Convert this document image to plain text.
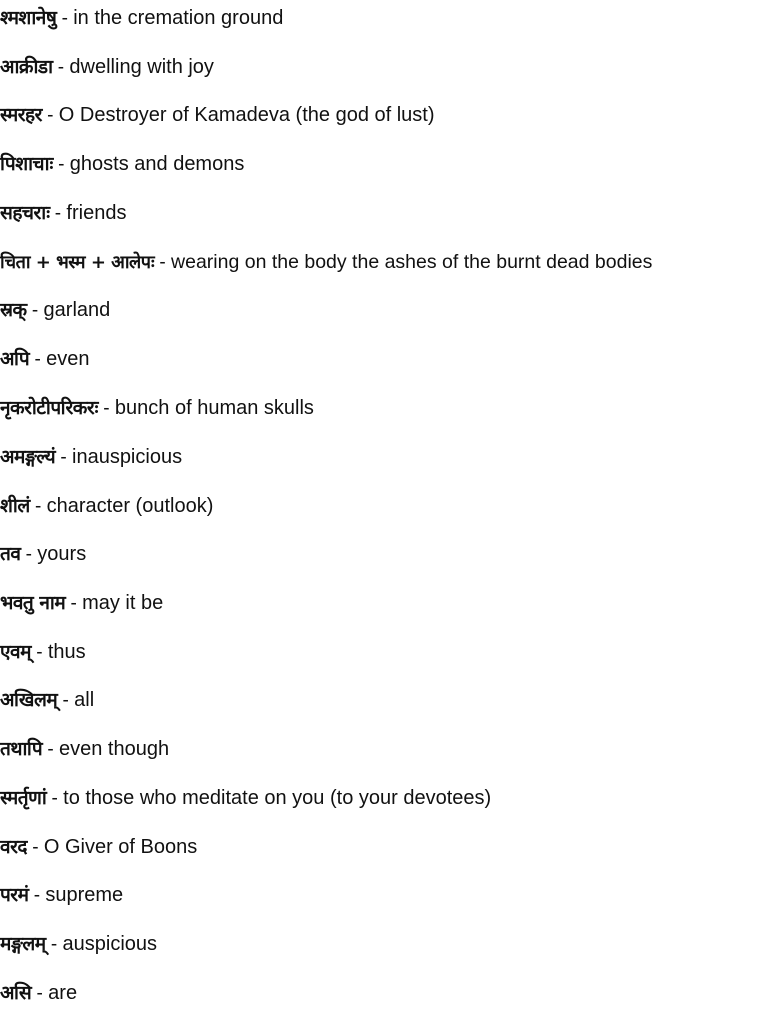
श्मशानेषु - in the cremation ground
आक्रीडा - dwelling with joy
स्मरहर - O Destroyer of Kamadeva (the god of lust)
पिशाचाः - ghosts and demons
सहचराः - friends
चिता + भस्म + आलेपः - wearing on the body the ashes of the burnt dead bodies
स्रक् - garland
अपि - even
नृकरोटीपरिकरः - bunch of human skulls
अमङ्गल्यं - inauspicious
शीलं - character (outlook)
तव - yours
भवतु नाम - may it be
एवम् - thus
अखिलम् - all
तथापि - even though
स्मर्तृणां - to those who meditate on you (to your devotees)
वरद - O Giver of Boons
परमं - supreme
मङ्गलम् - auspicious
असि - are
